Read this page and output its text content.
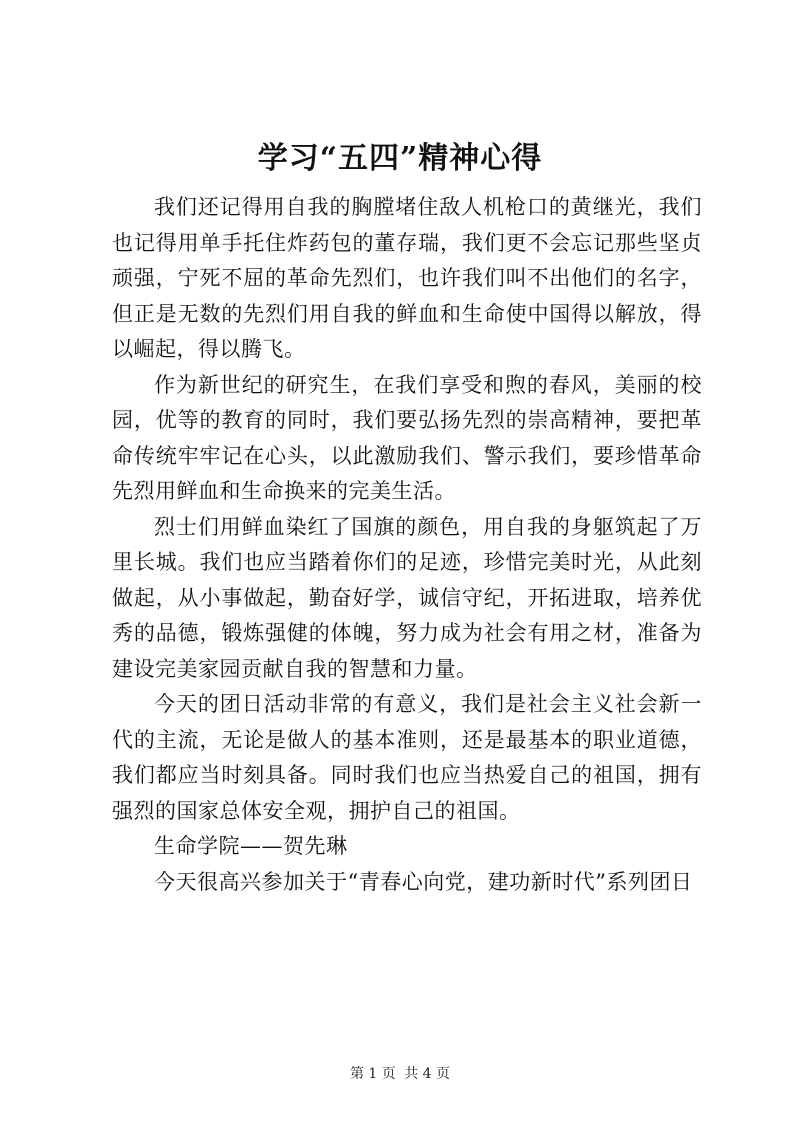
学习“五四”精神心得

我们还记得用自我的胸膛堵住敌人机枪口的黄继光，我们也记得用单手托住炸药包的董存瑞，我们更不会忘记那些坚贞顽强，宁死不屈的革命先烈们，也许我们叫不出他们的名字，但正是无数的先烈们用自我的鲜血和生命使中国得以解放，得以崛起，得以腾飞。

作为新世纪的研究生，在我们享受和煦的春风，美丽的校园，优等的教育的同时，我们要弘扬先烈的崇高精神，要把革命传统牢牢记在心头，以此激励我们、警示我们，要珍惜革命先烈用鲜血和生命换来的完美生活。

烈士们用鲜血染红了国旗的颜色，用自我的身躯筑起了万里长城。我们也应当踏着你们的足迹，珍惜完美时光，从此刻做起，从小事做起，勤奋好学，诚信守纪，开拓进取，培养优秀的品德，锻炼强健的体魄，努力成为社会有用之材，准备为建设完美家园贡献自我的智慧和力量。

今天的团日活动非常的有意义，我们是社会主义社会新一代的主流，无论是做人的基本准则，还是最基本的职业道德，我们都应当时刻具备。同时我们也应当热爱自己的祖国，拥有强烈的国家总体安全观，拥护自己的祖国。

生命学院——贺先琳

今天很高兴参加关于“青春心向党，建功新时代”系列团日

第 1 页 共 4 页
